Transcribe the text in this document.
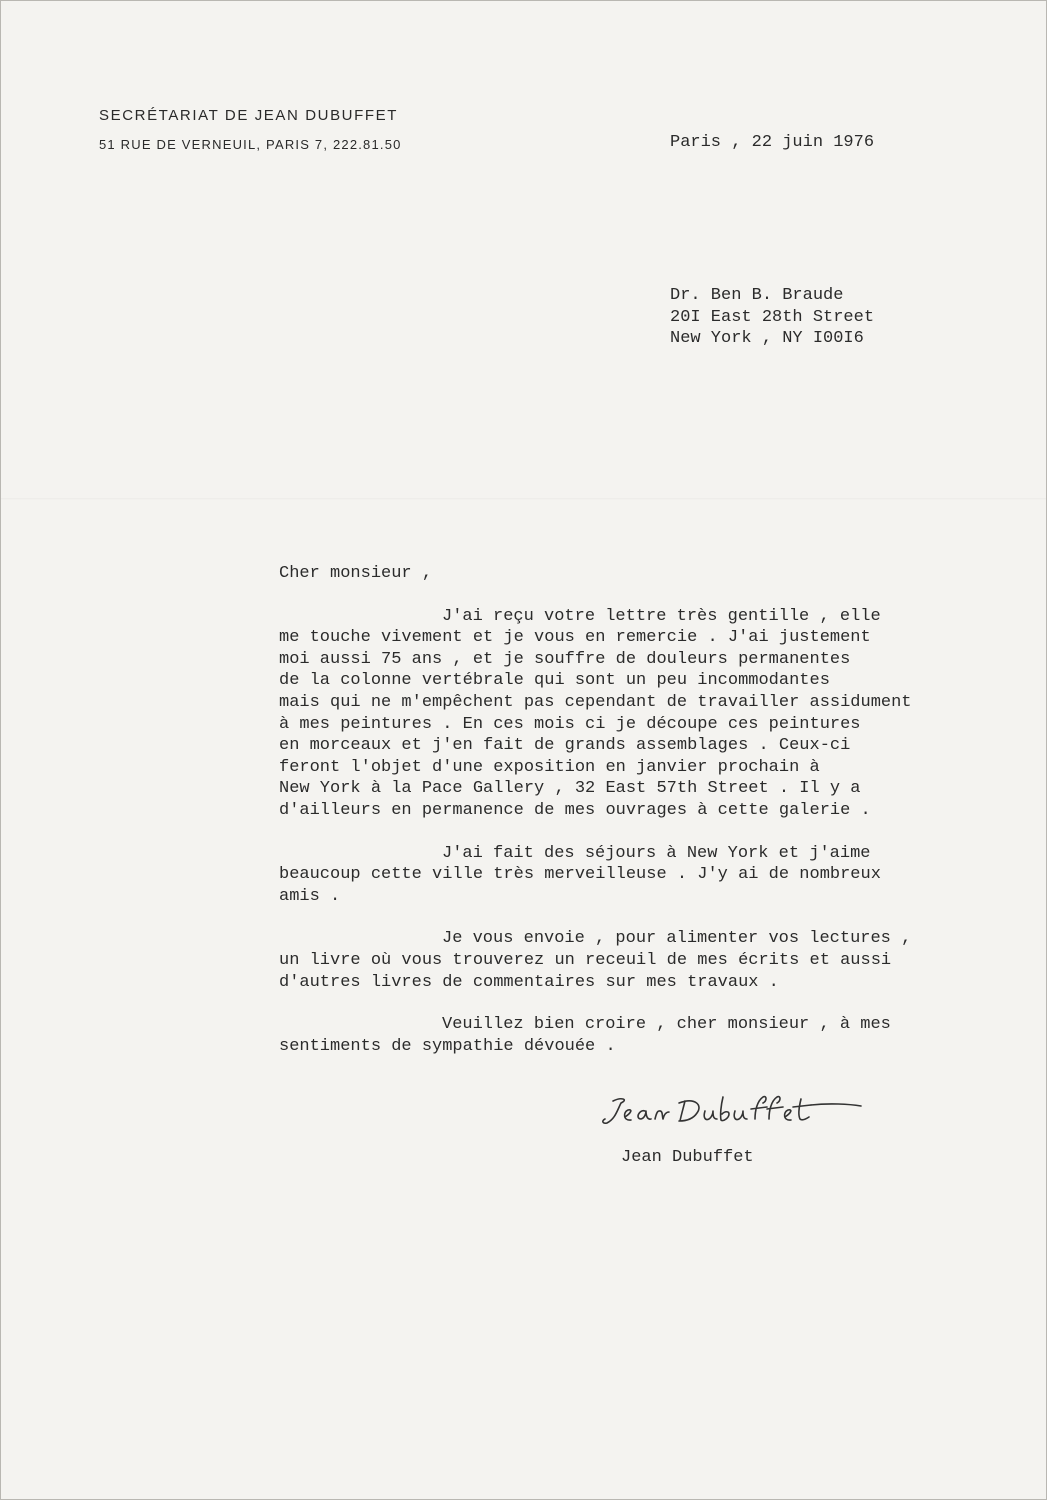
SECRÉTARIAT DE JEAN DUBUFFET
51 RUE DE VERNEUIL, PARIS 7, 222.81.50	Paris , 22 juin 1976
Dr. Ben B. Braude
20I East 28th Street
New York , NY I00I6
Cher monsieur ,
J'ai reçu votre lettre très gentille , elle
me touche vivement et je vous en remercie . J'ai justement
moi aussi 75 ans , et je souffre de douleurs permanentes
de la colonne vertébrale qui sont un peu incommodantes
mais qui ne m'empêchent pas cependant de travailler assidument
à mes peintures . En ces mois ci je découpe ces peintures
en morceaux et j'en fait de grands assemblages . Ceux-ci
feront l'objet d'une exposition en janvier prochain à
New York à la Pace Gallery , 32 East 57th Street . Il y a
d'ailleurs en permanence de mes ouvrages à cette galerie .
J'ai fait des séjours à New York et j'aime
beaucoup cette ville très merveilleuse . J'y ai de nombreux
amis .
Je vous envoie , pour alimenter vos lectures ,
un livre où vous trouverez un receuil de mes écrits et aussi
d'autres livres de commentaires sur mes travaux .
Veuillez bien croire , cher monsieur , à mes
sentiments de sympathie dévouée .
Jean Dubuffet
